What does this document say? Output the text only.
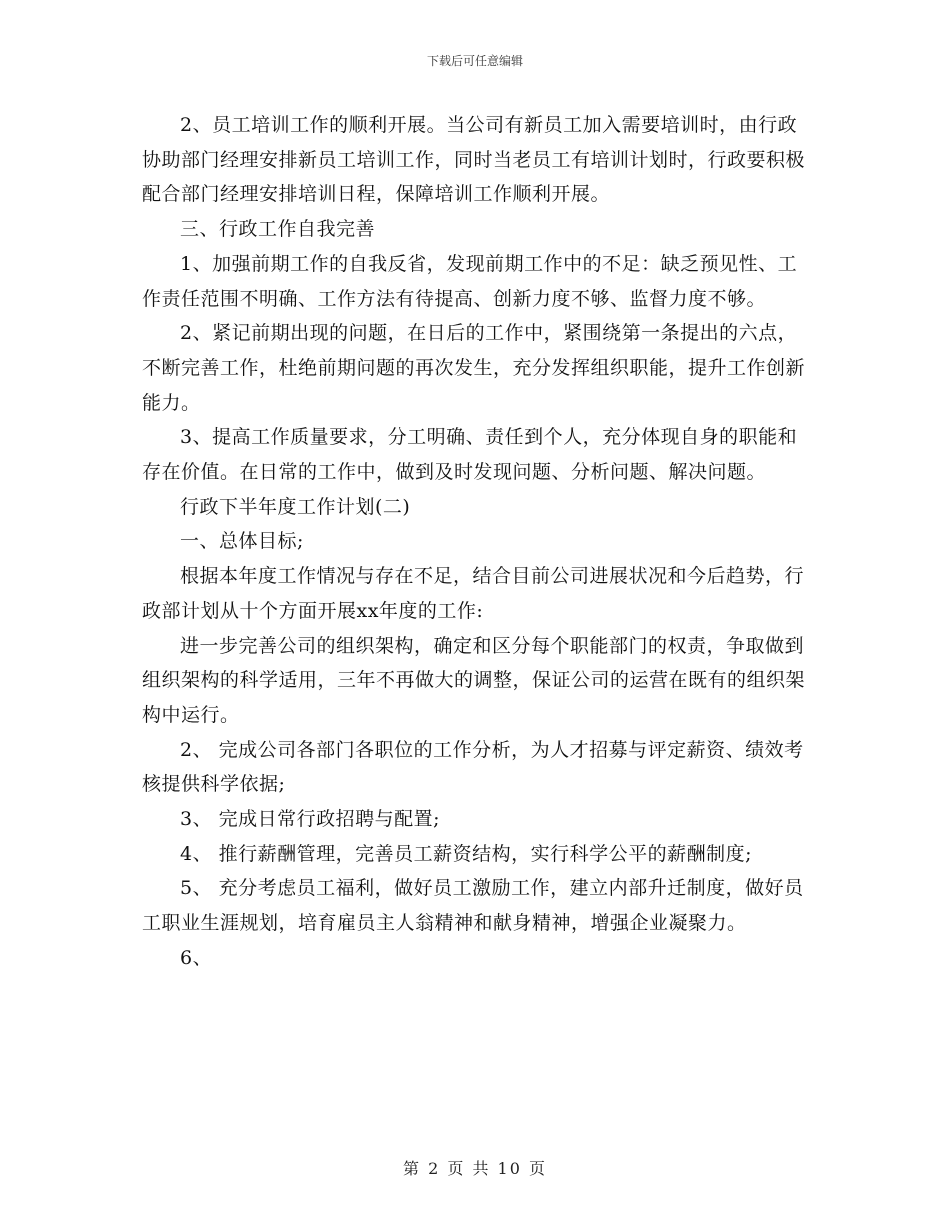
下载后可任意编辑

2、员工培训工作的顺利开展。当公司有新员工加入需要培训时，由行政协助部门经理安排新员工培训工作，同时当老员工有培训计划时，行政要积极配合部门经理安排培训日程，保障培训工作顺利开展。

三、行政工作自我完善

1、加强前期工作的自我反省，发现前期工作中的不足：缺乏预见性、工作责任范围不明确、工作方法有待提高、创新力度不够、监督力度不够。

2、紧记前期出现的问题，在日后的工作中，紧围绕第一条提出的六点，不断完善工作，杜绝前期问题的再次发生，充分发挥组织职能，提升工作创新能力。

3、提高工作质量要求，分工明确、责任到个人，充分体现自身的职能和存在价值。在日常的工作中，做到及时发现问题、分析问题、解决问题。

行政下半年度工作计划(二)

一、总体目标;

根据本年度工作情况与存在不足，结合目前公司进展状况和今后趋势，行政部计划从十个方面开展xx年度的工作:

进一步完善公司的组织架构，确定和区分每个职能部门的权责，争取做到组织架构的科学适用，三年不再做大的调整，保证公司的运营在既有的组织架构中运行。

2、 完成公司各部门各职位的工作分析，为人才招募与评定薪资、绩效考核提供科学依据;

3、 完成日常行政招聘与配置;

4、 推行薪酬管理，完善员工薪资结构，实行科学公平的薪酬制度;

5、 充分考虑员工福利，做好员工激励工作，建立内部升迁制度，做好员工职业生涯规划，培育雇员主人翁精神和献身精神，增强企业凝聚力。

6、

第 2 页 共 10 页
